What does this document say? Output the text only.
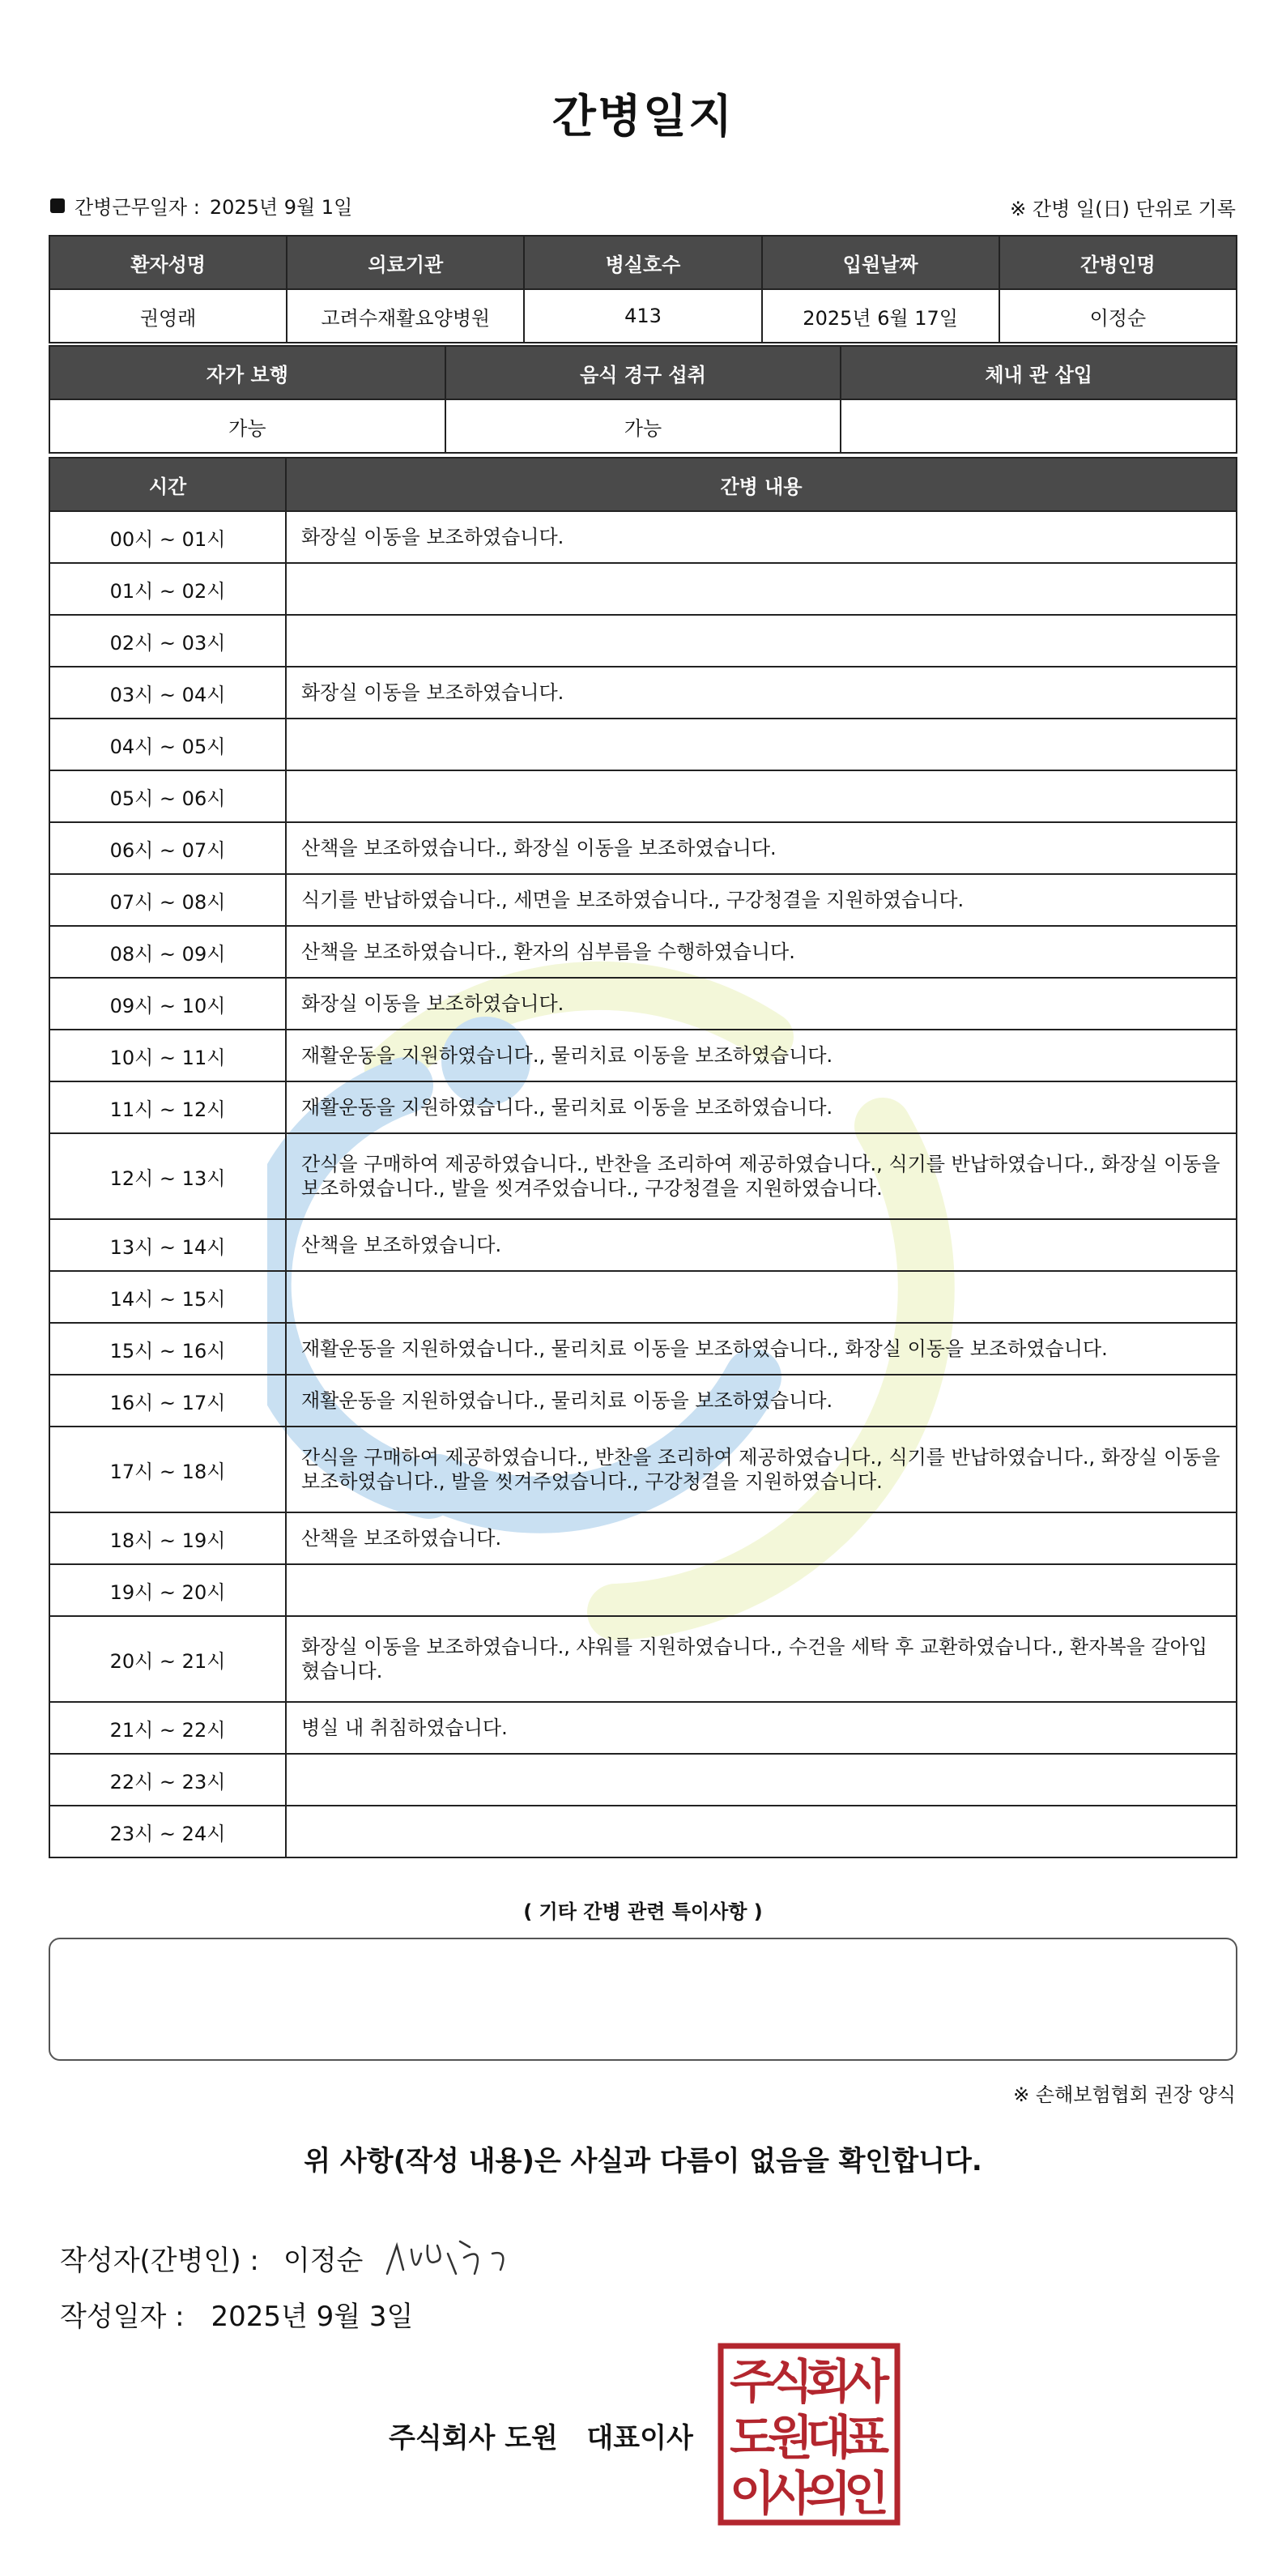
간병일지
간병근무일자 : 2025년 9월 1일	※ 간병 일(日) 단위로 기록
환자성명	의료기관	병실호수	입원날짜	간병인명
권영래	고려수재활요양병원	413	2025년 6월 17일	이정순
자가 보행	음식 경구 섭취	체내 관 삽입
가능	가능	
시간	간병 내용
00시 ~ 01시	화장실 이동을 보조하였습니다.
01시 ~ 02시	
02시 ~ 03시	
03시 ~ 04시	화장실 이동을 보조하였습니다.
04시 ~ 05시	
05시 ~ 06시	
06시 ~ 07시	산책을 보조하였습니다., 화장실 이동을 보조하였습니다.
07시 ~ 08시	식기를 반납하였습니다., 세면을 보조하였습니다., 구강청결을 지원하였습니다.
08시 ~ 09시	산책을 보조하였습니다., 환자의 심부름을 수행하였습니다.
09시 ~ 10시	화장실 이동을 보조하였습니다.
10시 ~ 11시	재활운동을 지원하였습니다., 물리치료 이동을 보조하였습니다.
11시 ~ 12시	재활운동을 지원하였습니다., 물리치료 이동을 보조하였습니다.
12시 ~ 13시	간식을 구매하여 제공하였습니다., 반찬을 조리하여 제공하였습니다., 식기를 반납하였습니다., 화장실 이동을 보조하였습니다., 발을 씻겨주었습니다., 구강청결을 지원하였습니다.
13시 ~ 14시	산책을 보조하였습니다.
14시 ~ 15시	
15시 ~ 16시	재활운동을 지원하였습니다., 물리치료 이동을 보조하였습니다., 화장실 이동을 보조하였습니다.
16시 ~ 17시	재활운동을 지원하였습니다., 물리치료 이동을 보조하였습니다.
17시 ~ 18시	간식을 구매하여 제공하였습니다., 반찬을 조리하여 제공하였습니다., 식기를 반납하였습니다., 화장실 이동을 보조하였습니다., 발을 씻겨주었습니다., 구강청결을 지원하였습니다.
18시 ~ 19시	산책을 보조하였습니다.
19시 ~ 20시	
20시 ~ 21시	화장실 이동을 보조하였습니다., 샤워를 지원하였습니다., 수건을 세탁 후 교환하였습니다., 환자복을 갈아입혔습니다.
21시 ~ 22시	병실 내 취침하였습니다.
22시 ~ 23시	
23시 ~ 24시	
( 기타 간병 관련 특이사항 )
※ 손해보험협회 권장 양식
위 사항(작성 내용)은 사실과 다름이 없음을 확인합니다.
작성자(간병인) : 이정순
작성일자 : 2025년 9월 3일
주식회사 도원   대표이사
주
식
회
사
도
원
대
표
이
사
의
인
